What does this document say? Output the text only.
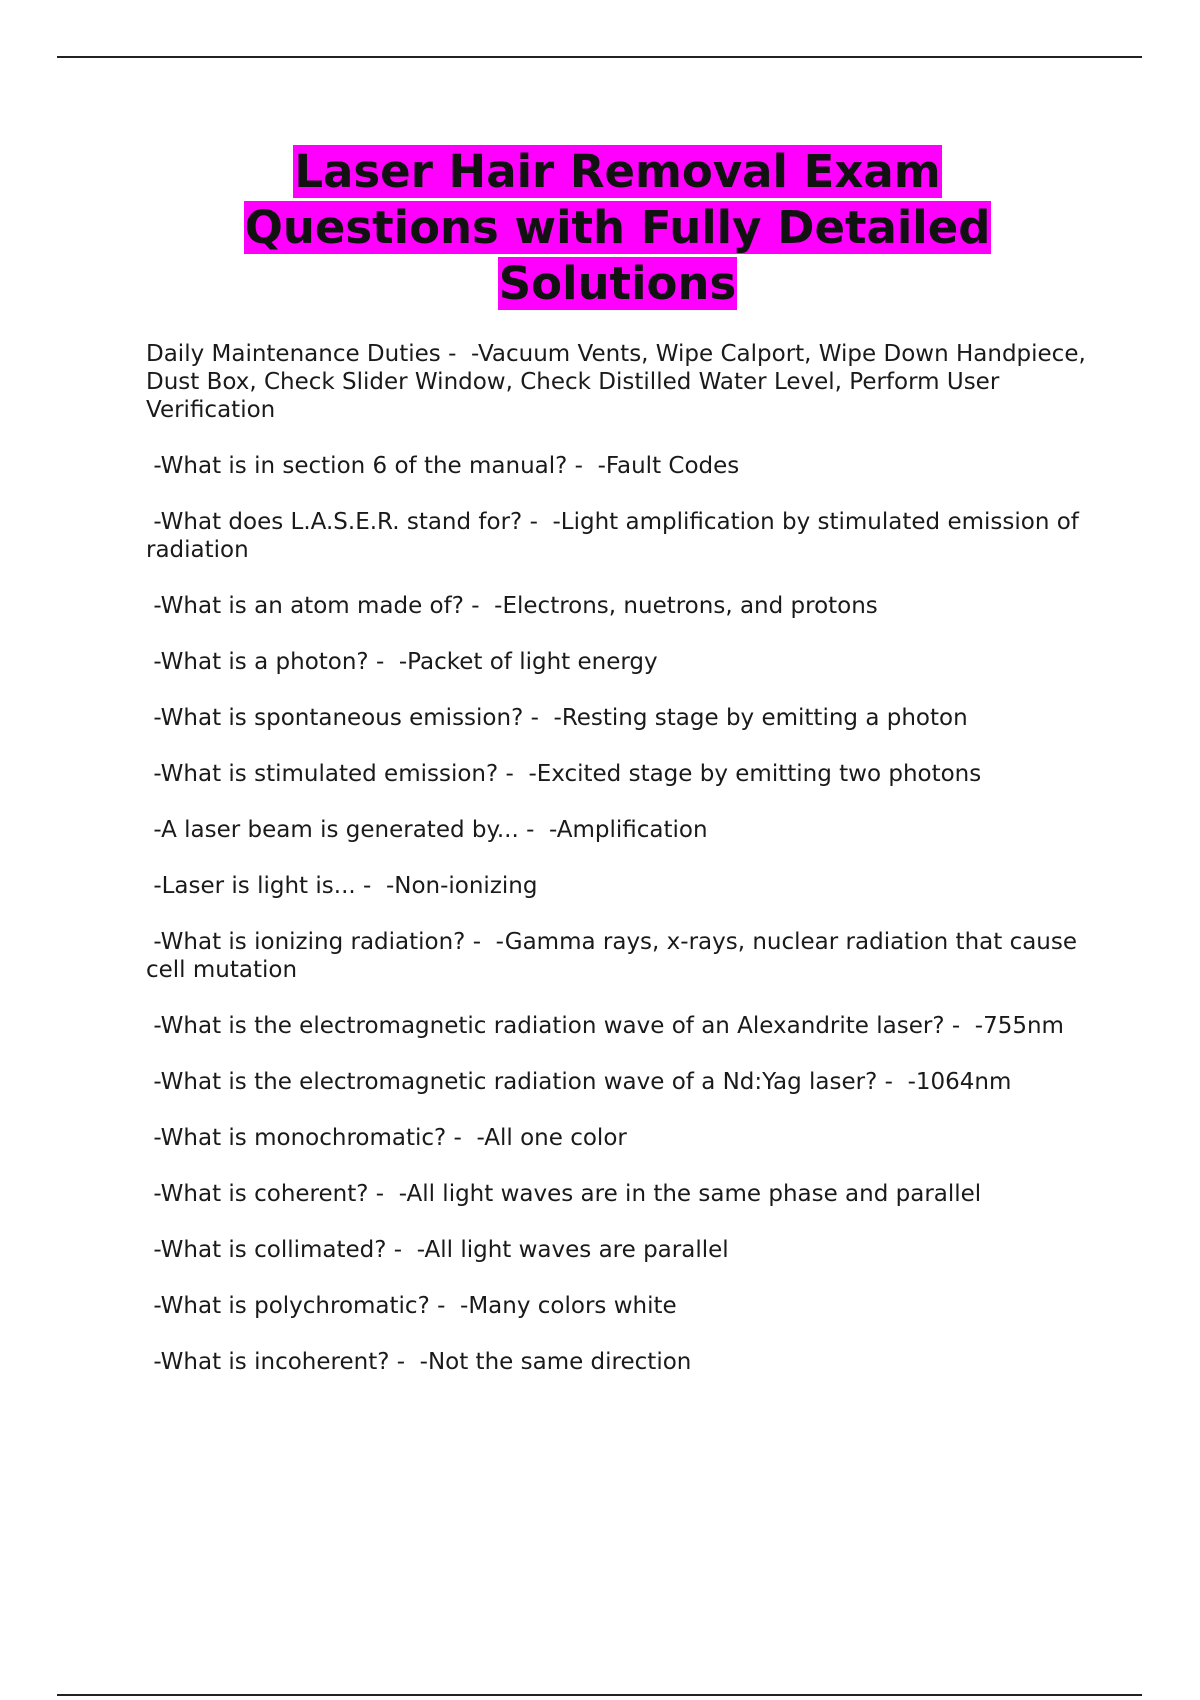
Laser Hair Removal Exam
Questions with Fully Detailed
Solutions

Daily Maintenance Duties -  -Vacuum Vents, Wipe Calport, Wipe Down Handpiece, Dust Box, Check Slider Window, Check Distilled Water Level, Perform User Verification

-What is in section 6 of the manual? -  -Fault Codes

-What does L.A.S.E.R. stand for? -  -Light amplification by stimulated emission of radiation

-What is an atom made of? -  -Electrons, nuetrons, and protons

-What is a photon? -  -Packet of light energy

-What is spontaneous emission? -  -Resting stage by emitting a photon

-What is stimulated emission? -  -Excited stage by emitting two photons

-A laser beam is generated by... -  -Amplification

-Laser is light is... -  -Non-ionizing

-What is ionizing radiation? -  -Gamma rays, x-rays, nuclear radiation that cause cell mutation

-What is the electromagnetic radiation wave of an Alexandrite laser? -  -755nm

-What is the electromagnetic radiation wave of a Nd:Yag laser? -  -1064nm

-What is monochromatic? -  -All one color

-What is coherent? -  -All light waves are in the same phase and parallel

-What is collimated? -  -All light waves are parallel

-What is polychromatic? -  -Many colors white

-What is incoherent? -  -Not the same direction
